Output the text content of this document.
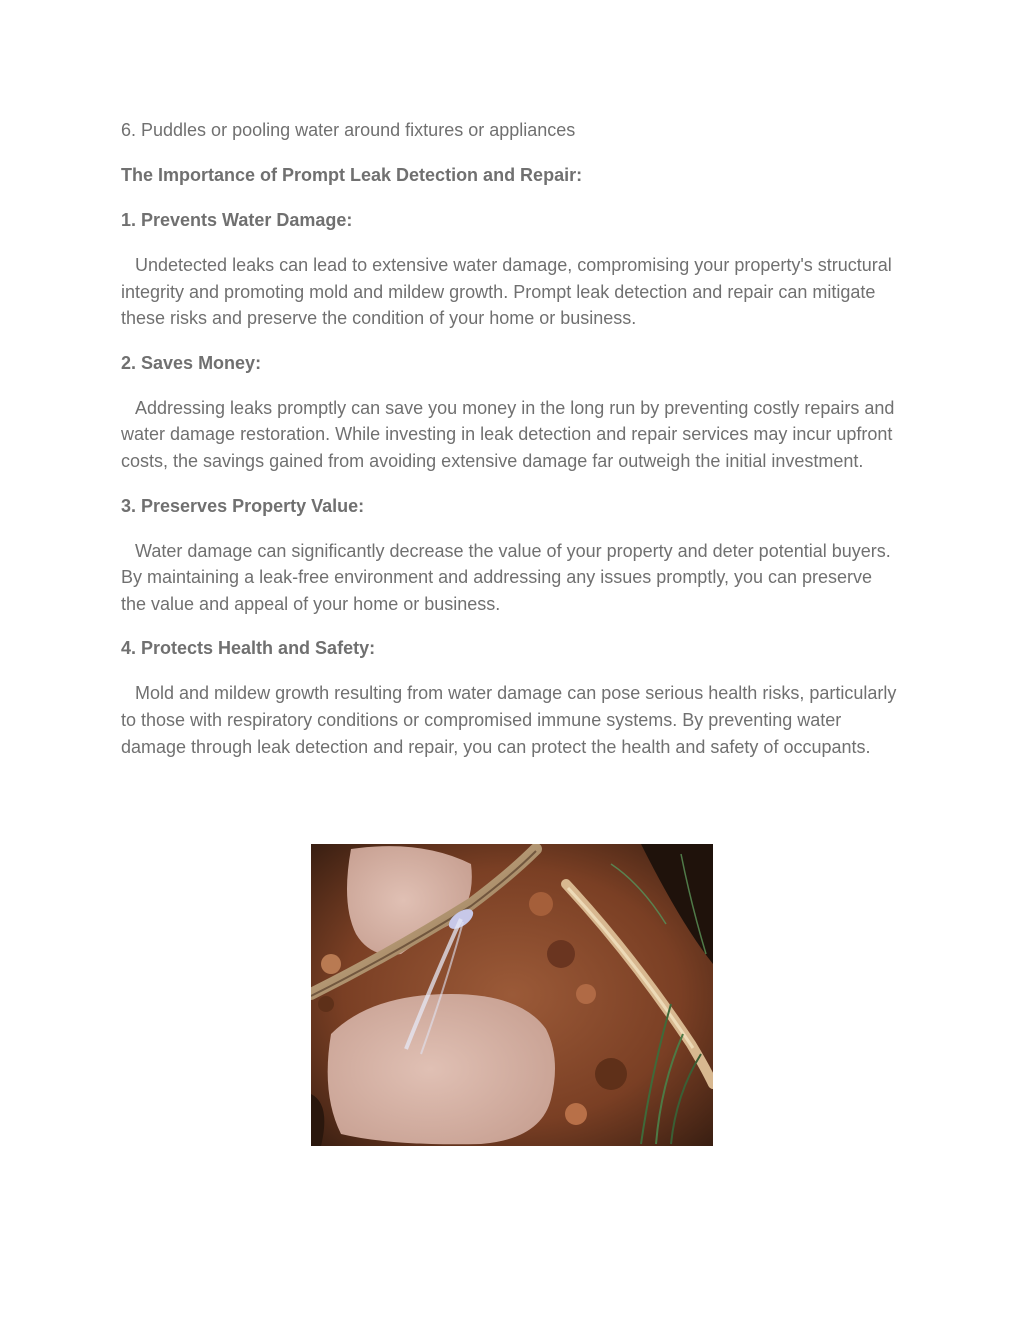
6. Puddles or pooling water around fixtures or appliances

The Importance of Prompt Leak Detection and Repair:

1. Prevents Water Damage:

Undetected leaks can lead to extensive water damage, compromising your property's structural integrity and promoting mold and mildew growth. Prompt leak detection and repair can mitigate these risks and preserve the condition of your home or business.

2. Saves Money:

Addressing leaks promptly can save you money in the long run by preventing costly repairs and water damage restoration. While investing in leak detection and repair services may incur upfront costs, the savings gained from avoiding extensive damage far outweigh the initial investment.

3. Preserves Property Value:

Water damage can significantly decrease the value of your property and deter potential buyers. By maintaining a leak-free environment and addressing any issues promptly, you can preserve the value and appeal of your home or business.

4. Protects Health and Safety:

Mold and mildew growth resulting from water damage can pose serious health risks, particularly to those with respiratory conditions or compromised immune systems. By preventing water damage through leak detection and repair, you can protect the health and safety of occupants.
